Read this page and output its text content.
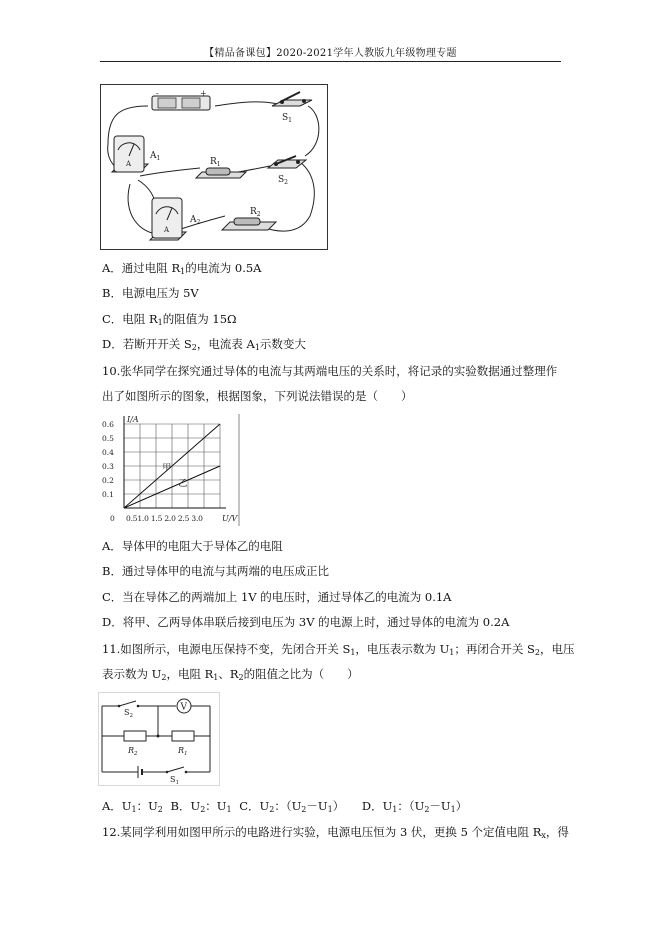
【精品备课包】2020-2021学年人教版九年级物理专题
-	+
$S_1$
A
$A_1$	$R_1$
$S_2$
A
$A_2$
$R_2$
A．通过电阻 $R_1$的电流为 0.5A
B．电源电压为 5V
C．电阻 $R_1$的阻值为 15Ω
D．若断开开关 $S_2$，电流表 $A_1$示数变大
10.张华同学在探究通过导体的电流与其两端电压的关系时，将记录的实验数据通过整理作
出了如图所示的图象，根据图象，下列说法错误的是（　　）
0.6
0.5
0.4
0.3
0.2
0.1
I/A
0 0.51.0 1.5 2.0 2.5 3.0 U/V
甲
乙
A．导体甲的电阻大于导体乙的电阻
B．通过导体甲的电流与其两端的电压成正比
C．当在导体乙的两端加上 1V 的电压时，通过导体乙的电流为 0.1A
D．将甲、乙两导体串联后接到电压为 3V 的电源上时，通过导体的电流为 0.2A
11.如图所示，电源电压保持不变，先闭合开关 $S_1$，电压表示数为 $U_1$；再闭合开关 $S_2$，电压
表示数为 $U_2$，电阻 $R_1$、$R_2$的阻值之比为（　　）
V
$S_2$
$R_2$	$R_1$
$S_1$
A．$U_1$：$U_2$ B．$U_2$：$U_1$ C．$U_2$：$(U_2-U_1)$ D．$U_1$：$(U_2-U_1)$
12.某同学利用如图甲所示的电路进行实验，电源电压恒为 3 伏，更换 5 个定值电阻 $R_x$，得
